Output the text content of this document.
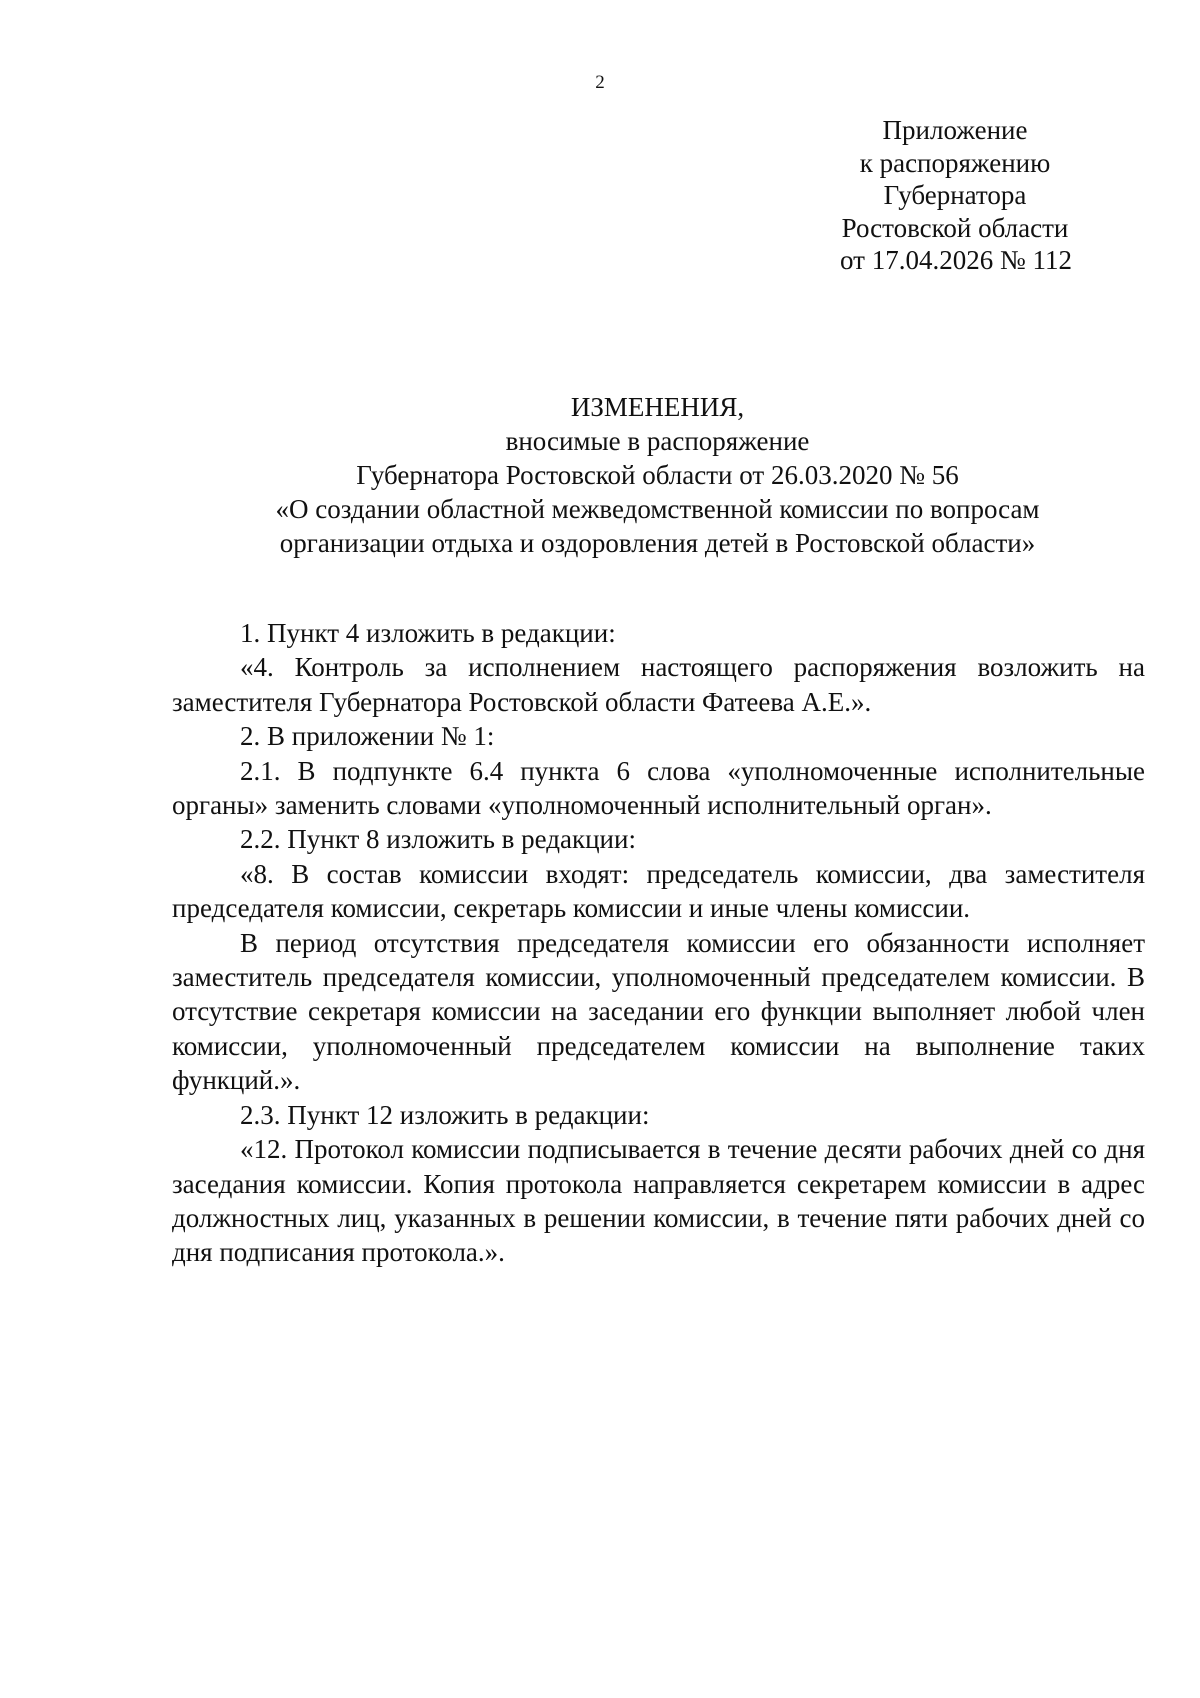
2
Приложение
к распоряжению
Губернатора
Ростовской области
от 17.04.2026 № 112
ИЗМЕНЕНИЯ,
вносимые в распоряжение
Губернатора Ростовской области от 26.03.2020 № 56
«О создании областной межведомственной комиссии по вопросам
организации отдыха и оздоровления детей в Ростовской области»

1. Пункт 4 изложить в редакции:

«4. Контроль за исполнением настоящего распоряжения возложить на заместителя Губернатора Ростовской области Фатеева А.Е.».

2. В приложении № 1:

2.1. В подпункте 6.4 пункта 6 слова «уполномоченные исполнительные органы» заменить словами «уполномоченный исполнительный орган».

2.2. Пункт 8 изложить в редакции:

«8. В состав комиссии входят: председатель комиссии, два заместителя председателя комиссии, секретарь комиссии и иные члены комиссии.

В период отсутствия председателя комиссии его обязанности исполняет заместитель председателя комиссии, уполномоченный председателем комиссии. В отсутствие секретаря комиссии на заседании его функции выполняет любой член комиссии, уполномоченный председателем комиссии на выполнение таких функций.».

2.3. Пункт 12 изложить в редакции:

«12. Протокол комиссии подписывается в течение десяти рабочих дней со дня заседания комиссии. Копия протокола направляется секретарем комиссии в адрес должностных лиц, указанных в решении комиссии, в течение пяти рабочих дней со дня подписания протокола.».
